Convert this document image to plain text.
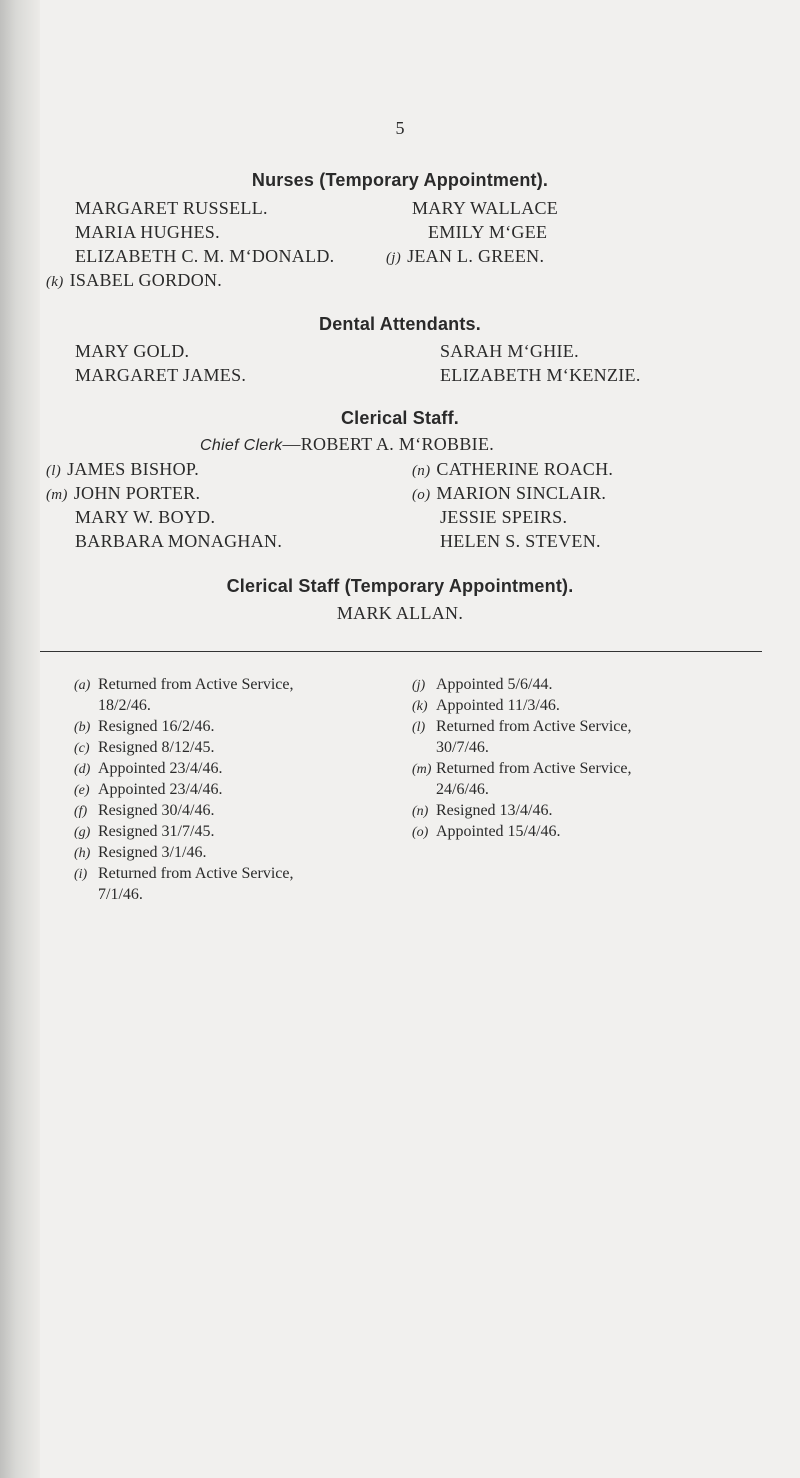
5
Nurses (Temporary Appointment).
MARGARET RUSSELL.	MARY WALLACE
MARIA HUGHES.	EMILY M‘GEE
ELIZABETH C. M. M‘DONALD.	(j) JEAN L. GREEN.
(k) ISABEL GORDON.
Dental Attendants.
MARY GOLD.	SARAH M‘GHIE.
MARGARET JAMES.	ELIZABETH M‘KENZIE.
Clerical Staff.
Chief Clerk—ROBERT A. M‘ROBBIE.
(l) JAMES BISHOP.	(n) CATHERINE ROACH.
(m) JOHN PORTER.	(o) MARION SINCLAIR.
MARY W. BOYD.	JESSIE SPEIRS.
BARBARA MONAGHAN.	HELEN S. STEVEN.
Clerical Staff (Temporary Appointment).
MARK ALLAN.
(a) Returned from Active Service,
18/2/46.
(b) Resigned 16/2/46.
(c) Resigned 8/12/45.
(d) Appointed 23/4/46.
(e) Appointed 23/4/46.
(f) Resigned 30/4/46.
(g) Resigned 31/7/45.
(h) Resigned 3/1/46.
(i) Returned from Active Service,
7/1/46.
(j) Appointed 5/6/44.
(k) Appointed 11/3/46.
(l) Returned from Active Service,
30/7/46.
(m) Returned from Active Service,
24/6/46.
(n) Resigned 13/4/46.
(o) Appointed 15/4/46.
